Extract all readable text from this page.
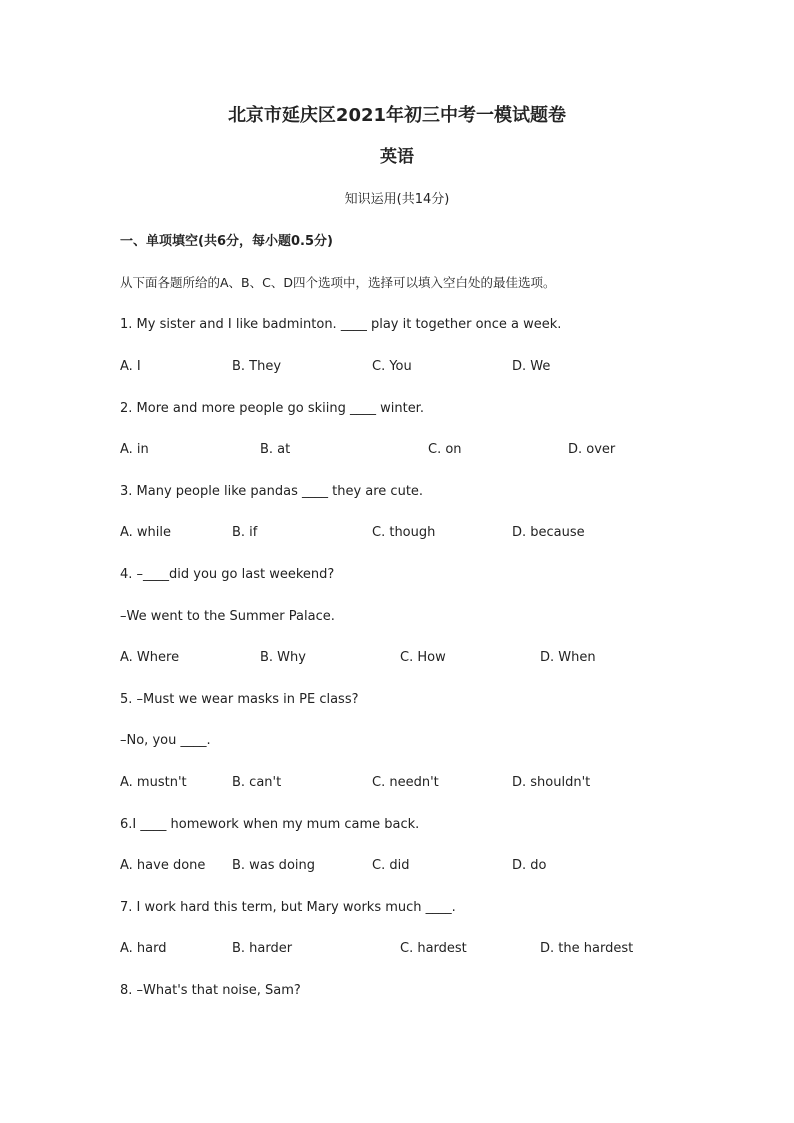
北京市延庆区2021年初三中考一模试题卷
英语
知识运用(共14分)
一、单项填空(共6分，每小题0.5分)
从下面各题所给的A、B、C、D四个选项中，选择可以填入空白处的最佳选项。
1. My sister and I like badminton. ____ play it together once a week.
A. I	B. They	C. You	D. We
2. More and more people go skiing ____ winter.
A. in	B. at	C. on	D. over
3. Many people like pandas ____ they are cute.
A. while	B. if	C. though	D. because
4. –____did you go last weekend?
–We went to the Summer Palace.
A. Where	B. Why	C. How	D. When
5. –Must we wear masks in PE class?
–No, you ____.
A. mustn't	B. can't	C. needn't	D. shouldn't
6.I ____ homework when my mum came back.
A. have done B. was doing	C. did	D. do
7. I work hard this term, but Mary works much ____.
A. hard	B. harder	C. hardest	D. the hardest
8. –What's that noise, Sam?
